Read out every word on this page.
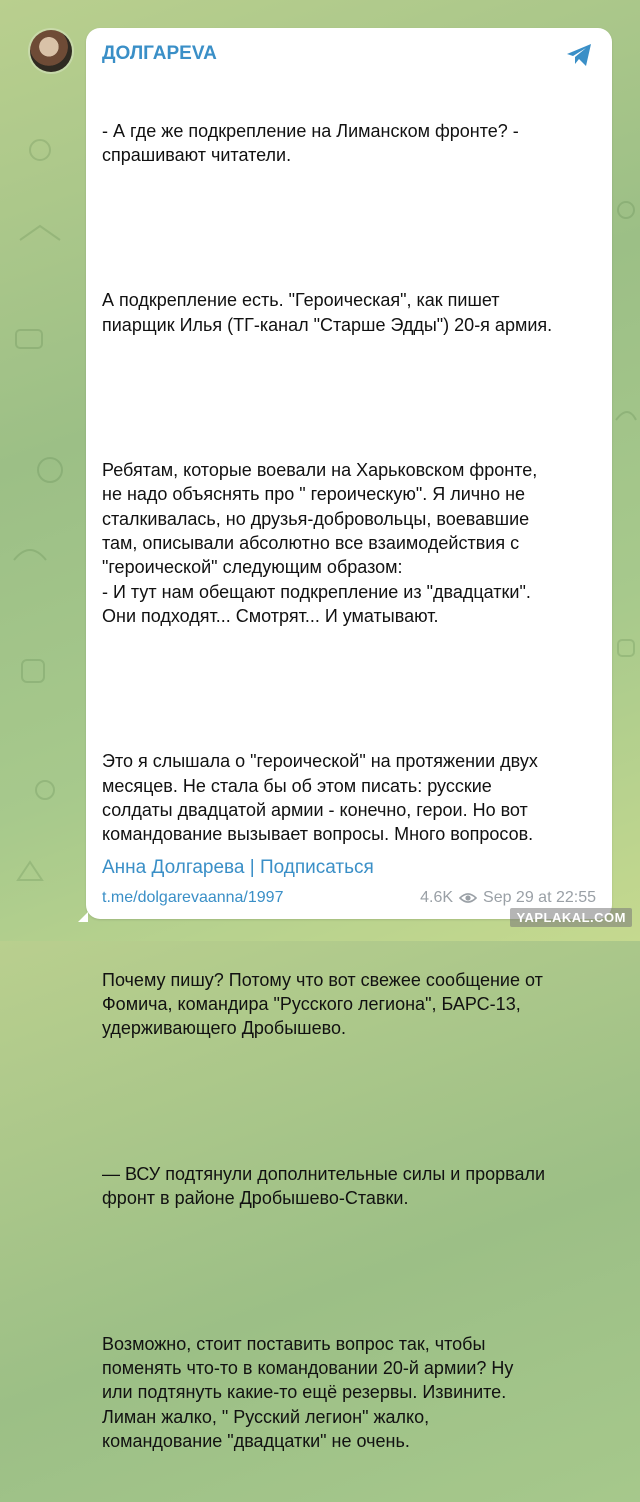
ДОЛГАРЕVA

- А где же подкрепление на Лиманском фронте? -
спрашивают читатели.

А подкрепление есть. "Героическая", как пишет
пиарщик Илья (ТГ-канал "Старше Эдды") 20-я армия.

Ребятам, которые воевали на Харьковском фронте,
не надо объяснять про " героическую". Я лично не
сталкивалась, но друзья-добровольцы, воевавшие
там, описывали абсолютно все взаимодействия с
"героической" следующим образом:
- И тут нам обещают подкрепление из "двадцатки".
Они подходят... Смотрят... И уматывают.

Это я слышала о "героической" на протяжении двух
месяцев. Не стала бы об этом писать: русские
солдаты двадцатой армии - конечно, герои. Но вот
командование вызывает вопросы. Много вопросов.

Почему пишу? Потому что вот свежее сообщение от
Фомича, командира "Русского легиона", БАРС-13,
удерживающего Дробышево.

— ВСУ подтянули дополнительные силы и прорвали
фронт в районе Дробышево-Ставки.

Возможно, стоит поставить вопрос так, чтобы
поменять что-то в командовании 20-й армии? Ну
или подтянуть какие-то ещё резервы. Извините.
Лиман жалко, " Русский легион" жалко,
командование "двадцатки" не очень.

Анна Долгарева | Подписаться
t.me/dolgarevaanna/1997	4.6K Sep 29 at 22:55
YAPLAKAL.COM
